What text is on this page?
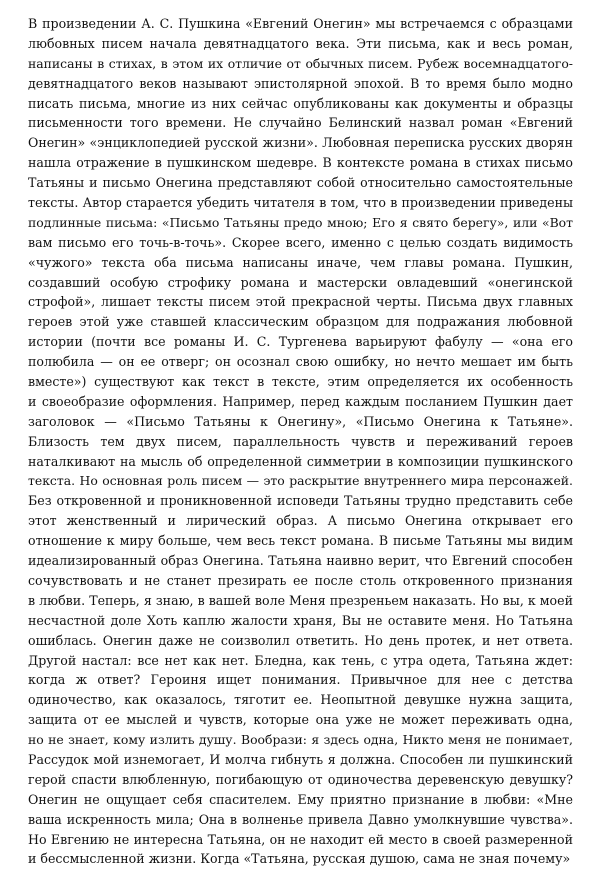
В произведении А. С. Пушкина «Евгений Онегин» мы встречаемся с образцами
любовных писем начала девятнадцатого века. Эти письма, как и весь роман,
написаны в стихах, в этом их отличие от обычных писем. Рубеж восемнадцатого-
девятнадцатого веков называют эпистолярной эпохой. В то время было модно
писать письма, многие из них сейчас опубликованы как документы и образцы
письменности того времени. Не случайно Белинский назвал роман «Евгений
Онегин» «энциклопедией русской жизни». Любовная переписка русских дворян
нашла отражение в пушкинском шедевре. В контексте романа в стихах письмо
Татьяны и письмо Онегина представляют собой относительно самостоятельные
тексты. Автор старается убедить читателя в том, что в произведении приведены
подлинные письма: «Письмо Татьяны предо мною; Его я свято берегу», или «Вот
вам письмо его точь-в-точь». Скорее всего, именно с целью создать видимость
«чужого» текста оба письма написаны иначе, чем главы романа. Пушкин,
создавший особую строфику романа и мастерски овладевший «онегинской
строфой», лишает тексты писем этой прекрасной черты. Письма двух главных
героев этой уже ставшей классическим образцом для подражания любовной
истории (почти все романы И. С. Тургенева варьируют фабулу — «она его
полюбила — он ее отверг; он осознал свою ошибку, но нечто мешает им быть
вместе») существуют как текст в тексте, этим определяется их особенность
и своеобразие оформления. Например, перед каждым посланием Пушкин дает
заголовок — «Письмо Татьяны к Онегину», «Письмо Онегина к Татьяне».
Близость тем двух писем, параллельность чувств и переживаний героев
наталкивают на мысль об определенной симметрии в композиции пушкинского
текста. Но основная роль писем — это раскрытие внутреннего мира персонажей.
Без откровенной и проникновенной исповеди Татьяны трудно представить себе
этот женственный и лирический образ. А письмо Онегина открывает его
отношение к миру больше, чем весь текст романа. В письме Татьяны мы видим
идеализированный образ Онегина. Татьяна наивно верит, что Евгений способен
сочувствовать и не станет презирать ее после столь откровенного признания
в любви. Теперь, я знаю, в вашей воле Меня презреньем наказать. Но вы, к моей
несчастной доле Хоть каплю жалости храня, Вы не оставите меня. Но Татьяна
ошиблась. Онегин даже не соизволил ответить. Но день протек, и нет ответа.
Другой настал: все нет как нет. Бледна, как тень, с утра одета, Татьяна ждет:
когда ж ответ? Героиня ищет понимания. Привычное для нее с детства
одиночество, как оказалось, тяготит ее. Неопытной девушке нужна защита,
защита от ее мыслей и чувств, которые она уже не может переживать одна,
но не знает, кому излить душу. Вообрази: я здесь одна, Никто меня не понимает,
Рассудок мой изнемогает, И молча гибнуть я должна. Способен ли пушкинский
герой спасти влюбленную, погибающую от одиночества деревенскую девушку?
Онегин не ощущает себя спасителем. Ему приятно признание в любви: «Мне
ваша искренность мила; Она в волненье привела Давно умолкнувшие чувства».
Но Евгению не интересна Татьяна, он не находит ей место в своей размеренной
и бессмысленной жизни. Когда «Татьяна, русская душою, сама не зная почему»
